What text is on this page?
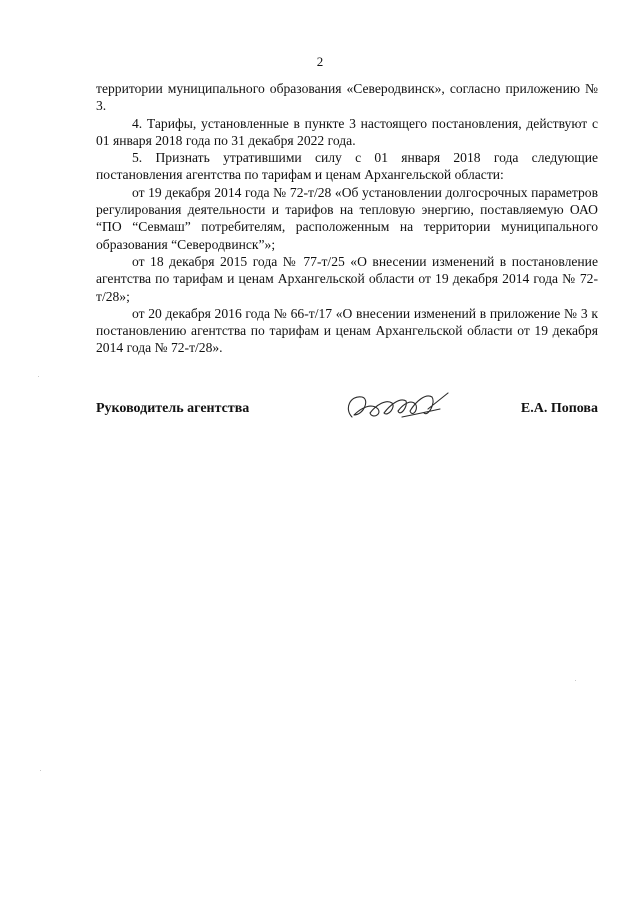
2

территории муниципального образования «Северодвинск», согласно приложению № 3.

4. Тарифы, установленные в пункте 3 настоящего постановления, действуют с 01 января 2018 года по 31 декабря 2022 года.

5. Признать утратившими силу с 01 января 2018 года следующие постановления агентства по тарифам и ценам Архангельской области:

от 19 декабря 2014 года № 72-т/28 «Об установлении долгосрочных параметров регулирования деятельности и тарифов на тепловую энергию, поставляемую ОАО “ПО “Севмаш” потребителям, расположенным на территории муниципального образования “Северодвинск”»;

от 18 декабря 2015 года № 77-т/25 «О внесении изменений в постановление агентства по тарифам и ценам Архангельской области от 19 декабря 2014 года № 72-т/28»;

от 20 декабря 2016 года № 66-т/17 «О внесении изменений в приложение № 3 к постановлению агентства по тарифам и ценам Архангельской области от 19 декабря 2014 года № 72-т/28».

Руководитель агентства	Е.А. Попова
